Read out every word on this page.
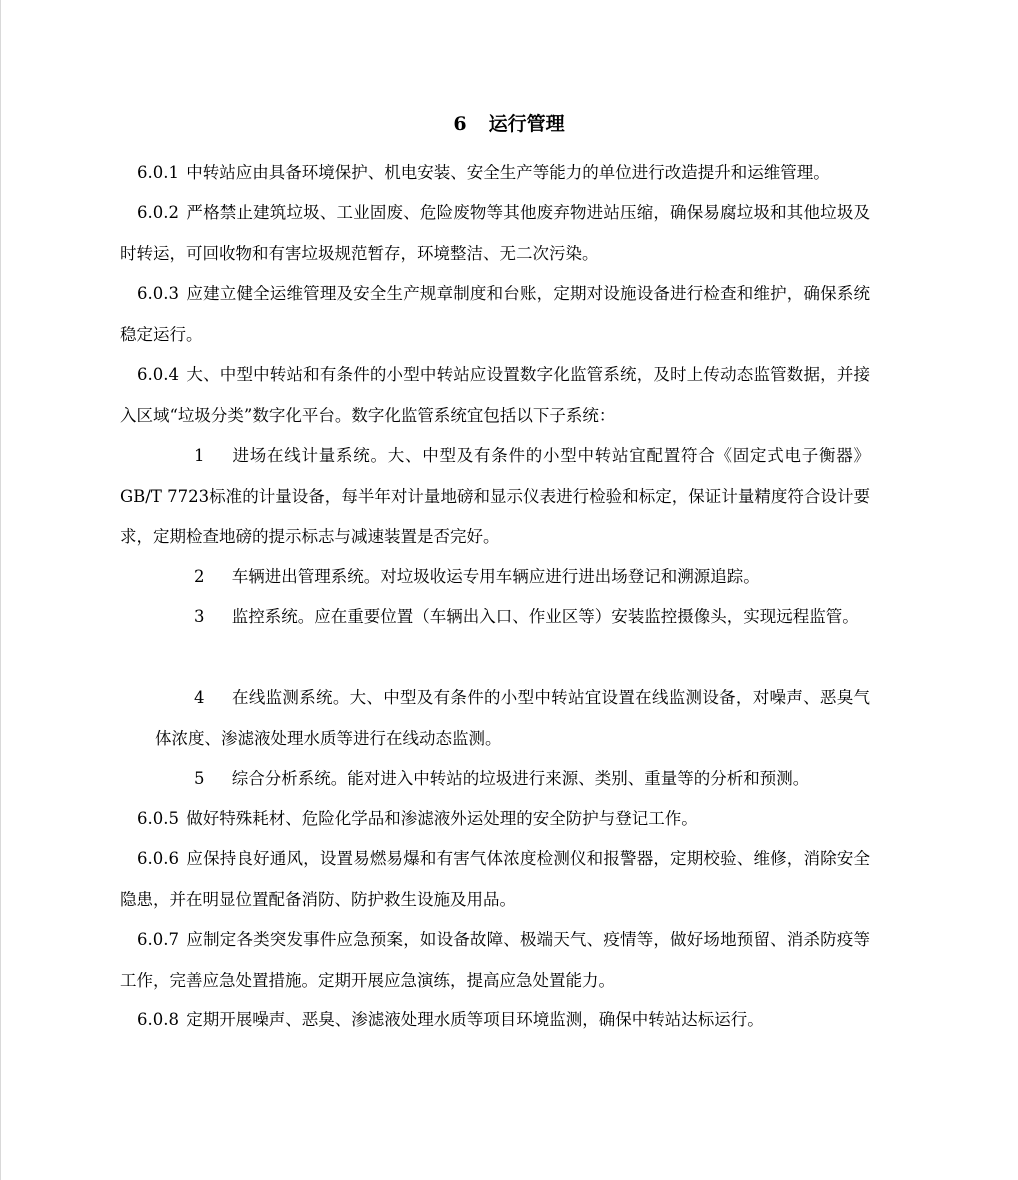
6 运行管理

6.0.1 中转站应由具备环境保护、机电安装、安全生产等能力的单位进行改造提升和运维管理。

6.0.2 严格禁止建筑垃圾、工业固废、危险废物等其他废弃物进站压缩，确保易腐垃圾和其他垃圾及时转运，可回收物和有害垃圾规范暂存，环境整洁、无二次污染。

6.0.3 应建立健全运维管理及安全生产规章制度和台账，定期对设施设备进行检查和维护，确保系统稳定运行。

6.0.4 大、中型中转站和有条件的小型中转站应设置数字化监管系统，及时上传动态监管数据，并接入区域“垃圾分类”数字化平台。数字化监管系统宜包括以下子系统：

1 进场在线计量系统。大、中型及有条件的小型中转站宜配置符合《固定式电子衡器》GB/T 7723标准的计量设备，每半年对计量地磅和显示仪表进行检验和标定，保证计量精度符合设计要求，定期检查地磅的提示标志与减速装置是否完好。

2 车辆进出管理系统。对垃圾收运专用车辆应进行进出场登记和溯源追踪。

3 监控系统。应在重要位置（车辆出入口、作业区等）安装监控摄像头，实现远程监管。

4 在线监测系统。大、中型及有条件的小型中转站宜设置在线监测设备，对噪声、恶臭气体浓度、渗滤液处理水质等进行在线动态监测。

5 综合分析系统。能对进入中转站的垃圾进行来源、类别、重量等的分析和预测。

6.0.5 做好特殊耗材、危险化学品和渗滤液外运处理的安全防护与登记工作。

6.0.6 应保持良好通风，设置易燃易爆和有害气体浓度检测仪和报警器，定期校验、维修，消除安全隐患，并在明显位置配备消防、防护救生设施及用品。

6.0.7 应制定各类突发事件应急预案，如设备故障、极端天气、疫情等，做好场地预留、消杀防疫等工作，完善应急处置措施。定期开展应急演练，提高应急处置能力。

6.0.8 定期开展噪声、恶臭、渗滤液处理水质等项目环境监测，确保中转站达标运行。
